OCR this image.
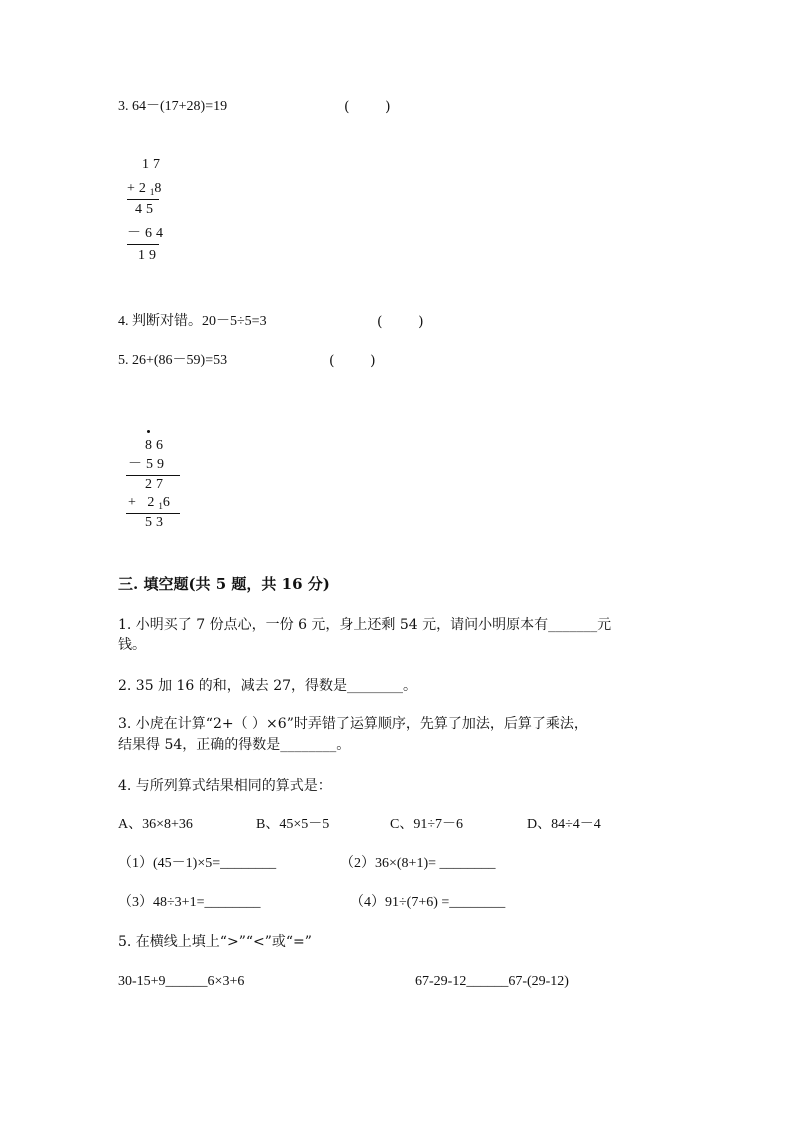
3. 64－(17+28)=19	(        )
17
$+2_18$
45
－64
19
4. 判断对错。20－5÷5=3	(        )
5. 26+(86－59)=53	(        )
86
－59
27
+ $2_16$
53
三. 填空题(共 5 题，共 16 分)
1. 小明买了 7 份点心，一份 6 元，身上还剩 54 元，请问小明原本有_______元
钱。
2. 35 加 16 的和，减去 27，得数是________。
3. 小虎在计算“2+（ ）×6”时弄错了运算顺序，先算了加法，后算了乘法，
结果得 54，正确的得数是________。
4. 与所列算式结果相同的算式是：
A、36×8+36	B、45×5－5	C、91÷7－6	D、84÷4－4
（1）(45－1)×5=________	（2）36×(8+1)= ________
（3）48÷3+1=________	（4）91÷(7+6) =________
5. 在横线上填上“>”“<”或“=”
30-15+9______6×3+6	67-29-12______67-(29-12)
